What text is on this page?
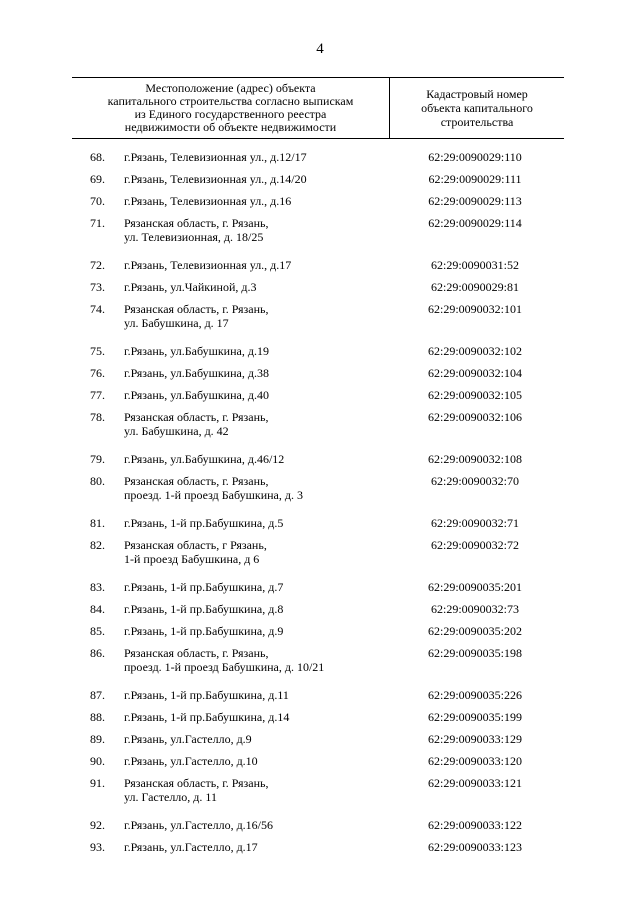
4
Местоположение (адрес) объекта
капитального строительства согласно выпискам
из Единого государственного реестра
недвижимости об объекте недвижимости
Кадастровый номер
объекта капитального
строительства
68. г.Рязань, Телевизионная ул., д.12/17	62:29:0090029:110
69. г.Рязань, Телевизионная ул., д.14/20	62:29:0090029:111
70. г.Рязань, Телевизионная ул., д.16	62:29:0090029:113
71. Рязанская область, г. Рязань,
ул. Телевизионная, д. 18/25
62:29:0090029:114
72. г.Рязань, Телевизионная ул., д.17	62:29:0090031:52
73. г.Рязань, ул.Чайкиной, д.3	62:29:0090029:81
74. Рязанская область, г. Рязань,
ул. Бабушкина, д. 17
62:29:0090032:101
75. г.Рязань, ул.Бабушкина, д.19	62:29:0090032:102
76. г.Рязань, ул.Бабушкина, д.38	62:29:0090032:104
77. г.Рязань, ул.Бабушкина, д.40	62:29:0090032:105
78. Рязанская область, г. Рязань,
ул. Бабушкина, д. 42
62:29:0090032:106
79. г.Рязань, ул.Бабушкина, д.46/12	62:29:0090032:108
80. Рязанская область, г. Рязань,
проезд. 1-й проезд Бабушкина, д. 3
62:29:0090032:70
81. г.Рязань, 1-й пр.Бабушкина, д.5	62:29:0090032:71
82. Рязанская область, г Рязань,
1-й проезд Бабушкина, д 6
62:29:0090032:72
83. г.Рязань, 1-й пр.Бабушкина, д.7	62:29:0090035:201
84. г.Рязань, 1-й пр.Бабушкина, д.8	62:29:0090032:73
85. г.Рязань, 1-й пр.Бабушкина, д.9	62:29:0090035:202
86. Рязанская область, г. Рязань,
проезд. 1-й проезд Бабушкина, д. 10/21
62:29:0090035:198
87. г.Рязань, 1-й пр.Бабушкина, д.11	62:29:0090035:226
88. г.Рязань, 1-й пр.Бабушкина, д.14	62:29:0090035:199
89. г.Рязань, ул.Гастелло, д.9	62:29:0090033:129
90. г.Рязань, ул.Гастелло, д.10	62:29:0090033:120
91. Рязанская область, г. Рязань,
ул. Гастелло, д. 11
62:29:0090033:121
92. г.Рязань, ул.Гастелло, д.16/56	62:29:0090033:122
93. г.Рязань, ул.Гастелло, д.17	62:29:0090033:123
